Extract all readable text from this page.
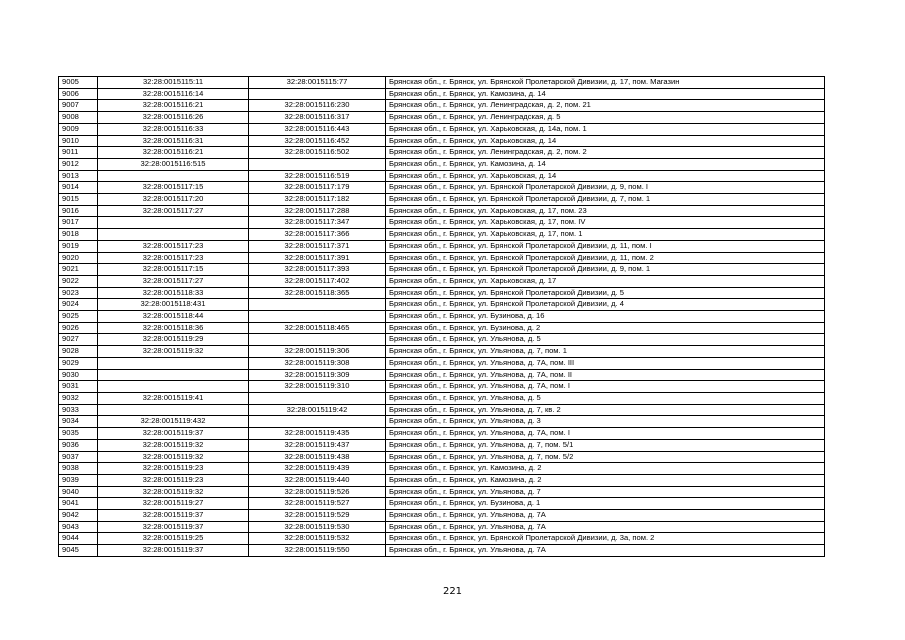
9005	32:28:0015115:11	32:28:0015115:77	Брянская обл., г. Брянск, ул. Брянской Пролетарской Дивизии, д. 17, пом. Магазин
9006	32:28:0015116:14		Брянская обл., г. Брянск, ул. Камозина, д. 14
9007	32:28:0015116:21	32:28:0015116:230	Брянская обл., г. Брянск, ул. Ленинградская, д. 2, пом. 21
9008	32:28:0015116:26	32:28:0015116:317	Брянская обл., г. Брянск, ул. Ленинградская, д. 5
9009	32:28:0015116:33	32:28:0015116:443	Брянская обл., г. Брянск, ул. Харьковская, д. 14а, пом. 1
9010	32:28:0015116:31	32:28:0015116:452	Брянская обл., г. Брянск, ул. Харьковская, д. 14
9011	32:28:0015116:21	32:28:0015116:502	Брянская обл., г. Брянск, ул. Ленинградская, д. 2, пом. 2
9012	32:28:0015116:515		Брянская обл., г. Брянск, ул. Камозина, д. 14
9013		32:28:0015116:519	Брянская обл., г. Брянск, ул. Харьковская, д. 14
9014	32:28:0015117:15	32:28:0015117:179	Брянская обл., г. Брянск, ул. Брянской Пролетарской Дивизии, д. 9, пом. I
9015	32:28:0015117:20	32:28:0015117:182	Брянская обл., г. Брянск, ул. Брянской Пролетарской Дивизии, д. 7, пом. 1
9016	32:28:0015117:27	32:28:0015117:288	Брянская обл., г. Брянск, ул. Харьковская, д. 17, пом. 23
9017		32:28:0015117:347	Брянская обл., г. Брянск, ул. Харьковская, д. 17, пом. IV
9018		32:28:0015117:366	Брянская обл., г. Брянск, ул. Харьковская, д. 17, пом. 1
9019	32:28:0015117:23	32:28:0015117:371	Брянская обл., г. Брянск, ул. Брянской Пролетарской Дивизии, д. 11, пом. I
9020	32:28:0015117:23	32:28:0015117:391	Брянская обл., г. Брянск, ул. Брянской Пролетарской Дивизии, д. 11, пом. 2
9021	32:28:0015117:15	32:28:0015117:393	Брянская обл., г. Брянск, ул. Брянской Пролетарской Дивизии, д. 9, пом. 1
9022	32:28:0015117:27	32:28:0015117:402	Брянская обл., г. Брянск, ул. Харьковская, д. 17
9023	32:28:0015118:33	32:28:0015118:365	Брянская обл., г. Брянск, ул. Брянской Пролетарской Дивизии, д. 5
9024	32:28:0015118:431		Брянская обл., г. Брянск, ул. Брянской Пролетарской Дивизии, д. 4
9025	32:28:0015118:44		Брянская обл., г. Брянск, ул. Бузинова, д. 16
9026	32:28:0015118:36	32:28:0015118:465	Брянская обл., г. Брянск, ул. Бузинова, д. 2
9027	32:28:0015119:29		Брянская обл., г. Брянск, ул. Ульянова, д. 5
9028	32:28:0015119:32	32:28:0015119:306	Брянская обл., г. Брянск, ул. Ульянова, д. 7, пом. 1
9029		32:28:0015119:308	Брянская обл., г. Брянск, ул. Ульянова, д. 7А, пом. III
9030		32:28:0015119:309	Брянская обл., г. Брянск, ул. Ульянова, д. 7А, пом. II
9031		32:28:0015119:310	Брянская обл., г. Брянск, ул. Ульянова, д. 7А, пом. I
9032	32:28:0015119:41		Брянская обл., г. Брянск, ул. Ульянова, д. 5
9033		32:28:0015119:42	Брянская обл., г. Брянск, ул. Ульянова, д. 7, кв. 2
9034	32:28:0015119:432		Брянская обл., г. Брянск, ул. Ульянова, д. 3
9035	32:28:0015119:37	32:28:0015119:435	Брянская обл., г. Брянск, ул. Ульянова, д. 7А, пом. I
9036	32:28:0015119:32	32:28:0015119:437	Брянская обл., г. Брянск, ул. Ульянова, д. 7, пом. 5/1
9037	32:28:0015119:32	32:28:0015119:438	Брянская обл., г. Брянск, ул. Ульянова, д. 7, пом. 5/2
9038	32:28:0015119:23	32:28:0015119:439	Брянская обл., г. Брянск, ул. Камозина, д. 2
9039	32:28:0015119:23	32:28:0015119:440	Брянская обл., г. Брянск, ул. Камозина, д. 2
9040	32:28:0015119:32	32:28:0015119:526	Брянская обл., г. Брянск, ул. Ульянова, д. 7
9041	32:28:0015119:27	32:28:0015119:527	Брянская обл., г. Брянск, ул. Бузинова, д. 1
9042	32:28:0015119:37	32:28:0015119:529	Брянская обл., г. Брянск, ул. Ульянова, д. 7А
9043	32:28:0015119:37	32:28:0015119:530	Брянская обл., г. Брянск, ул. Ульянова, д. 7А
9044	32:28:0015119:25	32:28:0015119:532	Брянская обл., г. Брянск, ул. Брянской Пролетарской Дивизии, д. 3а, пом. 2
9045	32:28:0015119:37	32:28:0015119:550	Брянская обл., г. Брянск, ул. Ульянова, д. 7А
221
